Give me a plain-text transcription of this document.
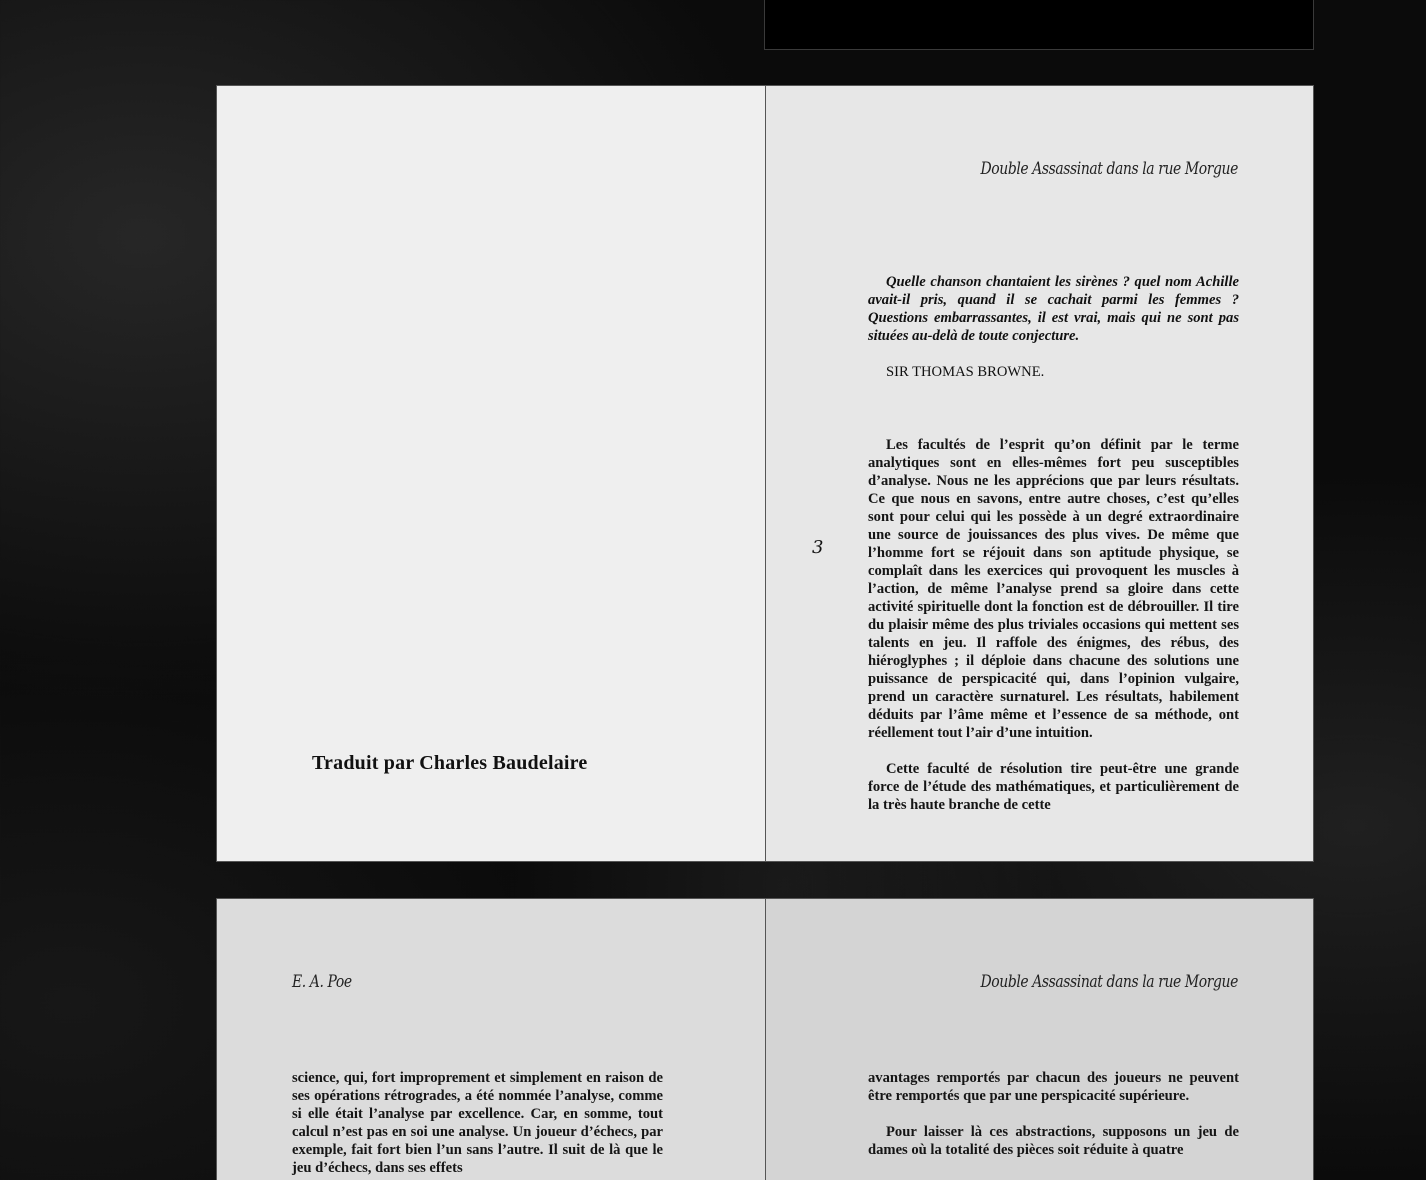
Traduit par Charles Baudelaire
Double Assassinat dans la rue Morgue
Quelle chanson chantaient les sirènes ? quel nom Achille avait-il pris, quand il se cachait parmi les femmes ? Questions embarrassantes, il est vrai, mais qui ne sont pas situées au-delà de toute conjecture.
SIR THOMAS BROWNE.
3

Les facultés de l’esprit qu’on définit par le terme analytiques sont en elles-mêmes fort peu susceptibles d’analyse. Nous ne les apprécions que par leurs résultats. Ce que nous en savons, entre autre choses, c’est qu’elles sont pour celui qui les possède à un degré extraordinaire une source de jouissances des plus vives. De même que l’homme fort se réjouit dans son aptitude physique, se complaît dans les exercices qui provoquent les muscles à l’action, de même l’analyse prend sa gloire dans cette activité spirituelle dont la fonction est de débrouiller. Il tire du plaisir même des plus triviales occasions qui mettent ses talents en jeu. Il raffole des énigmes, des rébus, des hiéroglyphes ; il déploie dans chacune des solutions une puissance de perspicacité qui, dans l’opinion vulgaire, prend un caractère surnaturel. Les résultats, habilement déduits par l’âme même et l’essence de sa méthode, ont réellement tout l’air d’une intuition.

Cette faculté de résolution tire peut-être une grande force de l’étude des mathématiques, et particulièrement de la très haute branche de cette

E. A. Poe

science, qui, fort improprement et simplement en raison de ses opérations rétrogrades, a été nommée l’analyse, comme si elle était l’analyse par excellence. Car, en somme, tout calcul n’est pas en soi une analyse. Un joueur d’échecs, par exemple, fait fort bien l’un sans l’autre. Il suit de là que le jeu d’échecs, dans ses effets

Double Assassinat dans la rue Morgue

avantages remportés par chacun des joueurs ne peuvent être remportés que par une perspicacité supérieure.

Pour laisser là ces abstractions, supposons un jeu de dames où la totalité des pièces soit réduite à quatre
